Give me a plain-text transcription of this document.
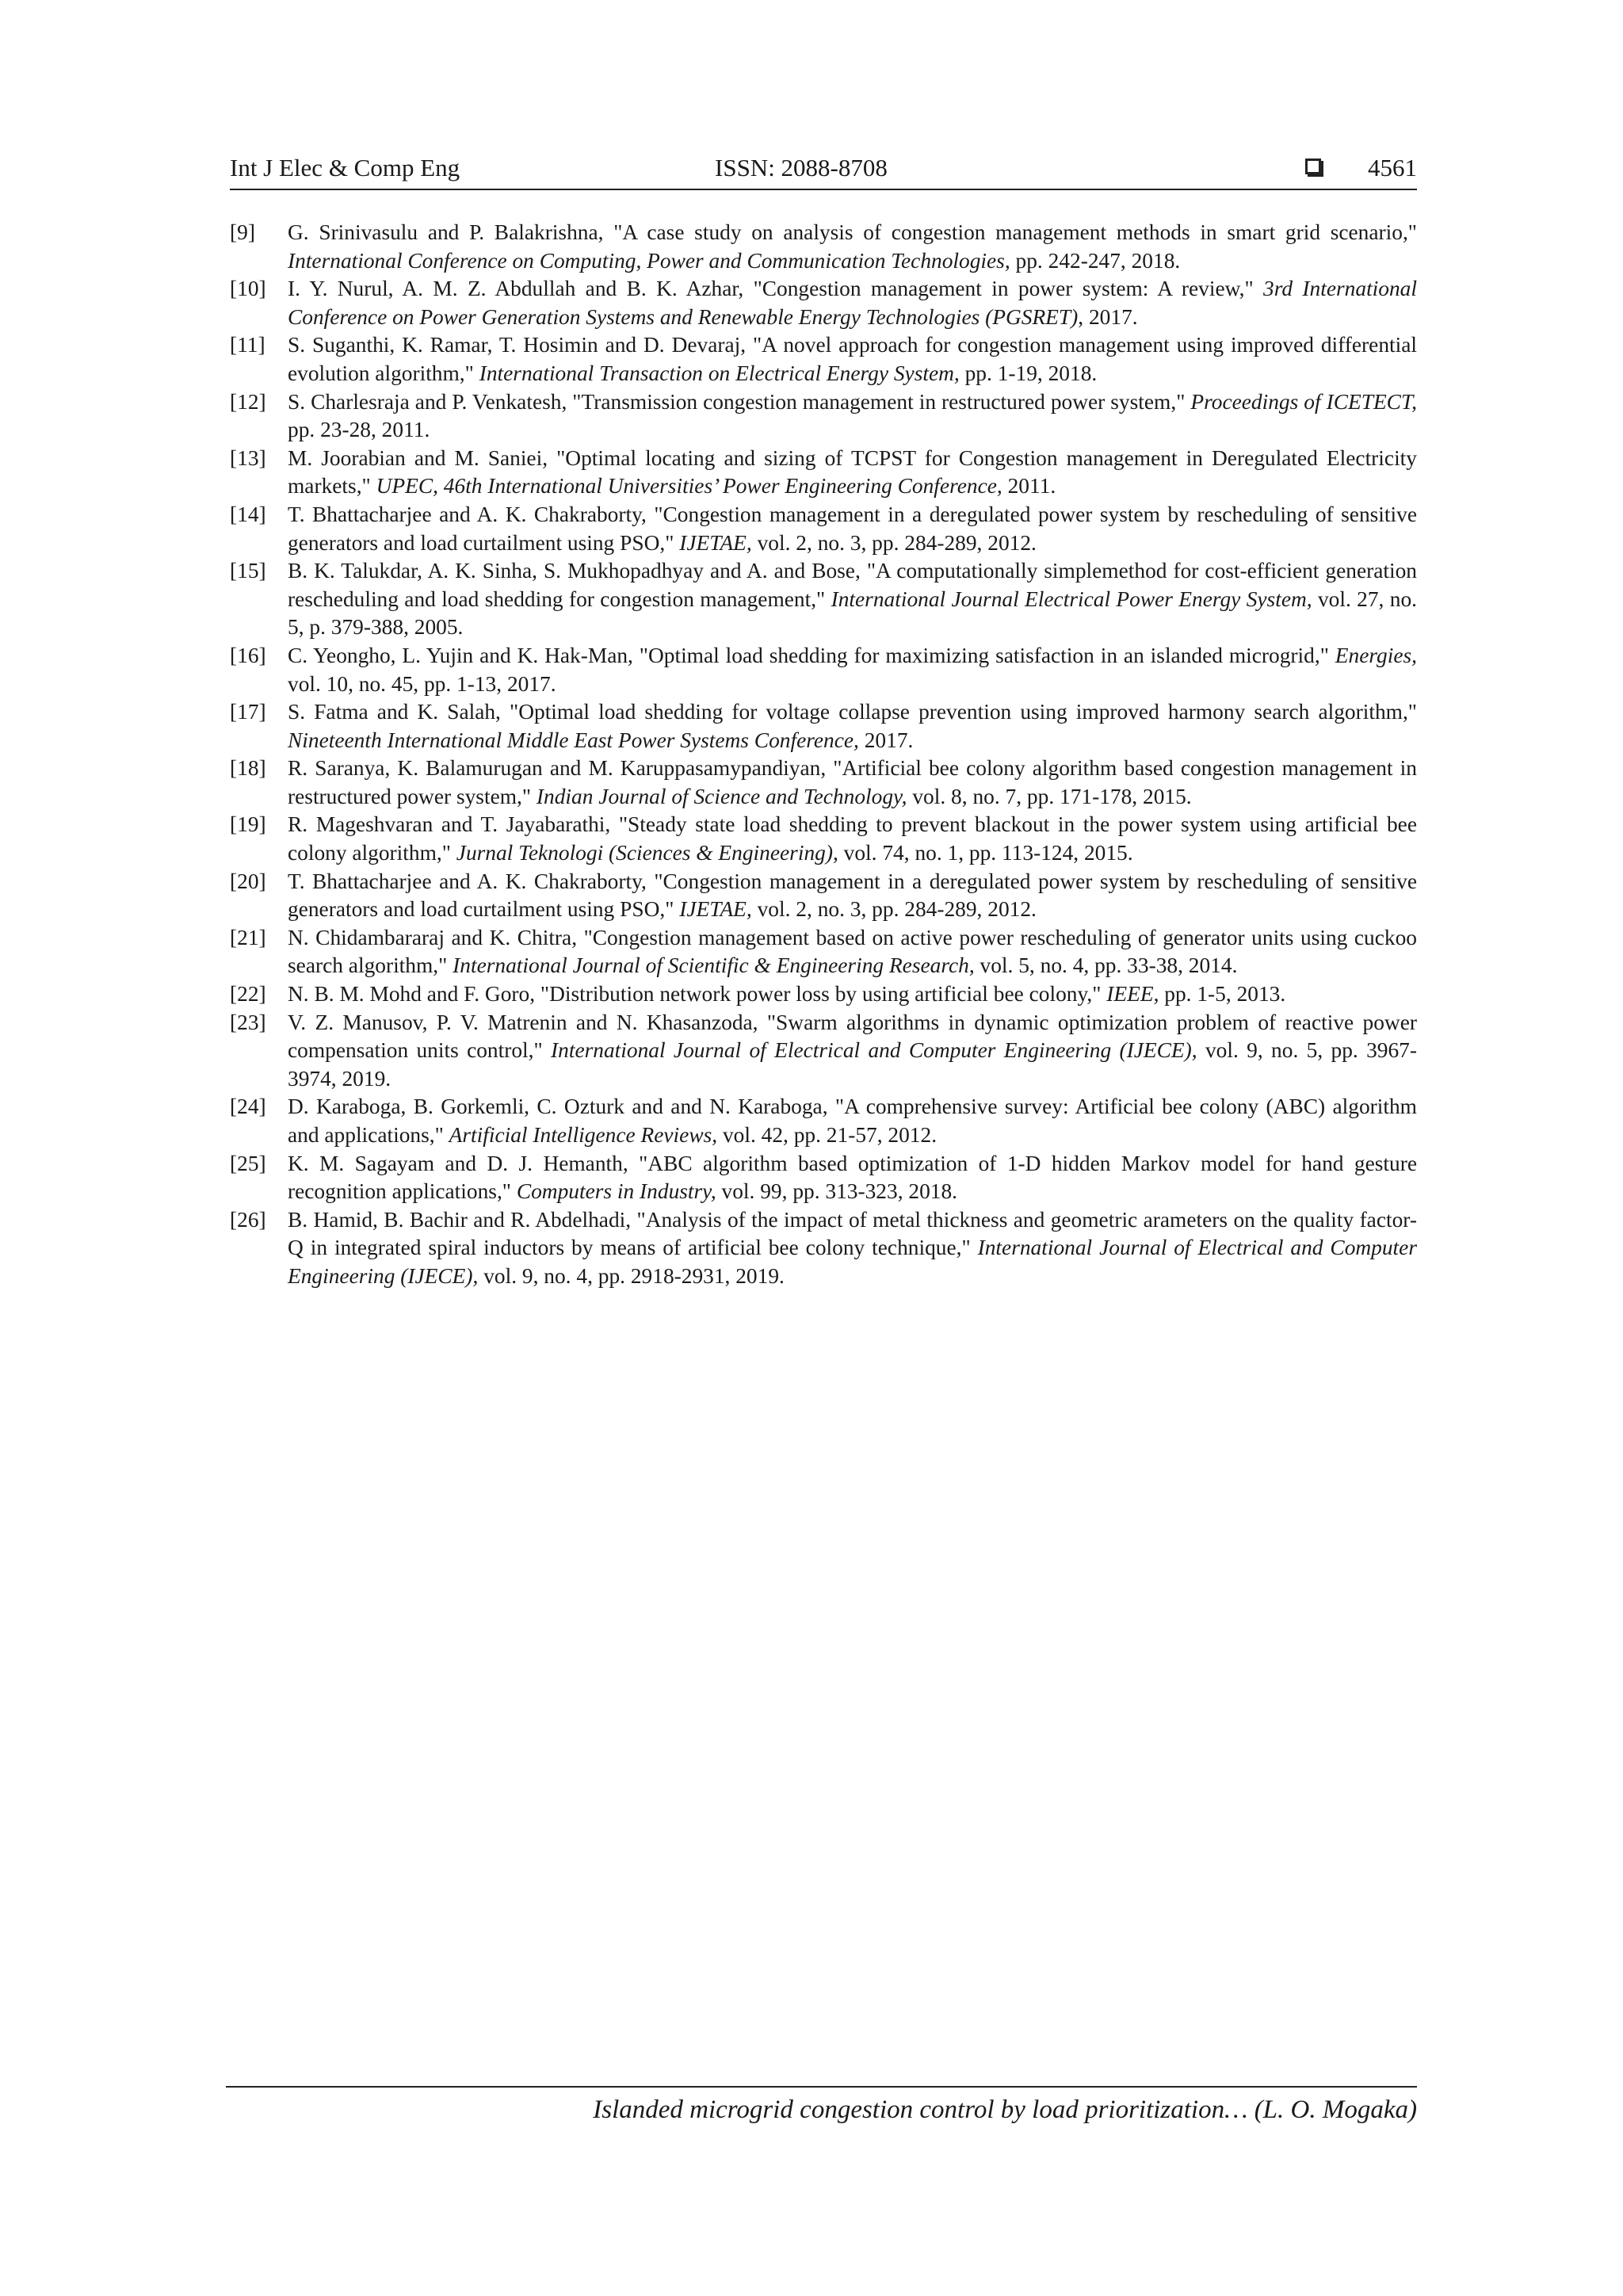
Int J Elec & Comp Eng	ISSN: 2088-8708	4561
[9] G. Srinivasulu and P. Balakrishna, "A case study on analysis of congestion management methods in smart grid scenario," International Conference on Computing, Power and Communication Technologies, pp. 242-247, 2018.
[10] I. Y. Nurul, A. M. Z. Abdullah and B. K. Azhar, "Congestion management in power system: A review," 3rd International Conference on Power Generation Systems and Renewable Energy Technologies (PGSRET), 2017.
[11] S. Suganthi, K. Ramar, T. Hosimin and D. Devaraj, "A novel approach for congestion management using improved differential evolution algorithm," International Transaction on Electrical Energy System, pp. 1-19, 2018.
[12] S. Charlesraja and P. Venkatesh, "Transmission congestion management in restructured power system," Proceedings of ICETECT, pp. 23-28, 2011.
[13] M. Joorabian and M. Saniei, "Optimal locating and sizing of TCPST for Congestion management in Deregulated Electricity markets," UPEC, 46th International Universities’ Power Engineering Conference, 2011.
[14] T. Bhattacharjee and A. K. Chakraborty, "Congestion management in a deregulated power system by rescheduling of sensitive generators and load curtailment using PSO," IJETAE, vol. 2, no. 3, pp. 284-289, 2012.
[15] B. K. Talukdar, A. K. Sinha, S. Mukhopadhyay and A. and Bose, "A computationally simplemethod for cost-efficient generation rescheduling and load shedding for congestion management," International Journal Electrical Power Energy System, vol. 27, no. 5, p. 379-388, 2005.
[16] C. Yeongho, L. Yujin and K. Hak-Man, "Optimal load shedding for maximizing satisfaction in an islanded microgrid," Energies, vol. 10, no. 45, pp. 1-13, 2017.
[17] S. Fatma and K. Salah, "Optimal load shedding for voltage collapse prevention using improved harmony search algorithm," Nineteenth International Middle East Power Systems Conference, 2017.
[18] R. Saranya, K. Balamurugan and M. Karuppasamypandiyan, "Artificial bee colony algorithm based congestion management in restructured power system," Indian Journal of Science and Technology, vol. 8, no. 7, pp. 171-178, 2015.
[19] R. Mageshvaran and T. Jayabarathi, "Steady state load shedding to prevent blackout in the power system using artificial bee colony algorithm," Jurnal Teknologi (Sciences & Engineering), vol. 74, no. 1, pp. 113-124, 2015.
[20] T. Bhattacharjee and A. K. Chakraborty, "Congestion management in a deregulated power system by rescheduling of sensitive generators and load curtailment using PSO," IJETAE, vol. 2, no. 3, pp. 284-289, 2012.
[21] N. Chidambararaj and K. Chitra, "Congestion management based on active power rescheduling of generator units using cuckoo search algorithm," International Journal of Scientific & Engineering Research, vol. 5, no. 4, pp. 33-38, 2014.
[22] N. B. M. Mohd and F. Goro, "Distribution network power loss by using artificial bee colony," IEEE, pp. 1-5, 2013.
[23] V. Z. Manusov, P. V. Matrenin and N. Khasanzoda, "Swarm algorithms in dynamic optimization problem of reactive power compensation units control," International Journal of Electrical and Computer Engineering (IJECE), vol. 9, no. 5, pp. 3967-3974, 2019.
[24] D. Karaboga, B. Gorkemli, C. Ozturk and and N. Karaboga, "A comprehensive survey: Artificial bee colony (ABC) algorithm and applications," Artificial Intelligence Reviews, vol. 42, pp. 21-57, 2012.
[25] K. M. Sagayam and D. J. Hemanth, "ABC algorithm based optimization of 1-D hidden Markov model for hand gesture recognition applications," Computers in Industry, vol. 99, pp. 313-323, 2018.
[26] B. Hamid, B. Bachir and R. Abdelhadi, "Analysis of the impact of metal thickness and geometric arameters on the quality factor-Q in integrated spiral inductors by means of artificial bee colony technique," International Journal of Electrical and Computer Engineering (IJECE), vol. 9, no. 4, pp. 2918-2931, 2019.
Islanded microgrid congestion control by load prioritization… (L. O. Mogaka)
